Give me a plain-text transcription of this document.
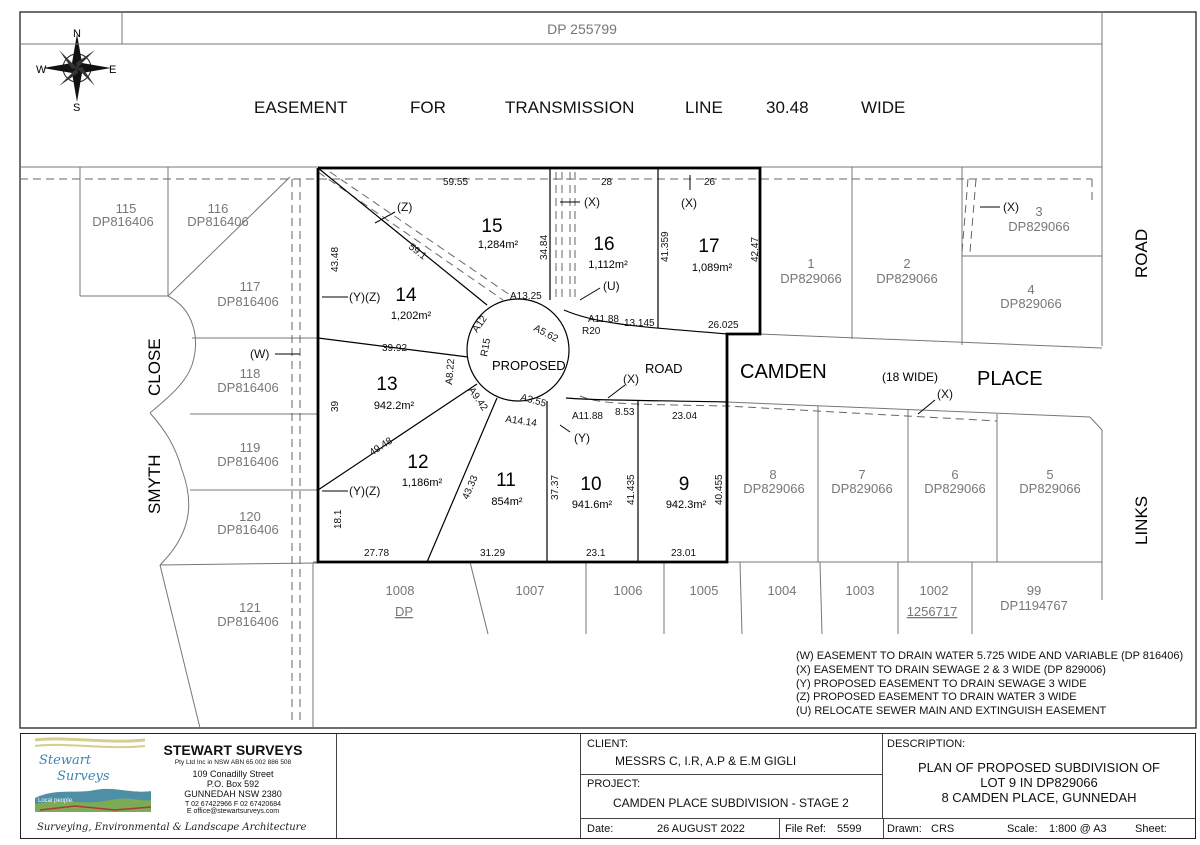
N
S
E
W
DP 255799
EASEMENT	FOR	TRANSMISSION	LINE	30.48	WIDE
CLOSE
SMYTH
CAMDEN	PLACE
(18 WIDE)
ROAD
LINKS
PROPOSED	ROAD
15
1,284m²	16
1,112m²
17
1,089m²
14
1,202m²
13
942.2m²
12
1,186m²	11
854m²
10
941.6m²
9
942.3m²
115
DP816406
116
DP816406
117
DP816406
118
DP816406
119
DP816406
120
DP816406
121
DP816406
1
DP829066
2
DP829066
3
DP829066
4
DP829066
8
DP829066
7
DP829066
6
DP829066
5
DP829066
1008
DP
1007	1006	1005	1004	1003	1002
1256717
99
DP1194767
59.55	28	26
59.1	34.84	41.359	42.47
43.48
A13.25
A12
R15
A5.62 R20
A11.88 13.145	26.025
39.92
A8.22
A9.42	A3.55
A11.88 8.53	23.04
A14.14
39
49.48
43.33	37.37	41.435	40.455
18.1
27.78	31.29	23.1	23.01
(Z)	(X)	(X)	(X)
(U)
(Y)(Z)
(W)
(X)
(X)
(Y)
(Y)(Z)
(W) EASEMENT TO DRAIN WATER 5.725 WIDE AND VARIABLE (DP 816406)
(X) EASEMENT TO DRAIN SEWAGE 2 & 3 WIDE (DP 829006)
(Y) PROPOSED EASEMENT TO DRAIN SEWAGE 3 WIDE
(Z) PROPOSED EASEMENT TO DRAIN WATER 3 WIDE
(U) RELOCATE SEWER MAIN AND EXTINGUISH EASEMENT
Stewart
Surveys
Local people.
Local Knowledge
STEWART SURVEYS
Pty Ltd Inc in NSW ABN 65 002 886 508
109 Conadilly Street
P.O. Box 592
GUNNEDAH NSW 2380
T 02 67422966 F 02 67420684
E office@stewartsurveys.com
Surveying, Environmental & Landscape Architecture
CLIENT:
MESSRS C, I.R, A.P & E.M GIGLI
PROJECT:
CAMDEN PLACE SUBDIVISION - STAGE 2
DESCRIPTION:
PLAN OF PROPOSED SUBDIVISION OF
LOT 9 IN DP829066
8 CAMDEN PLACE, GUNNEDAH
Date:	26 AUGUST 2022	File Ref: 5599 Drawn: CRS	Scale: 1:800 @ A3	Sheet:
